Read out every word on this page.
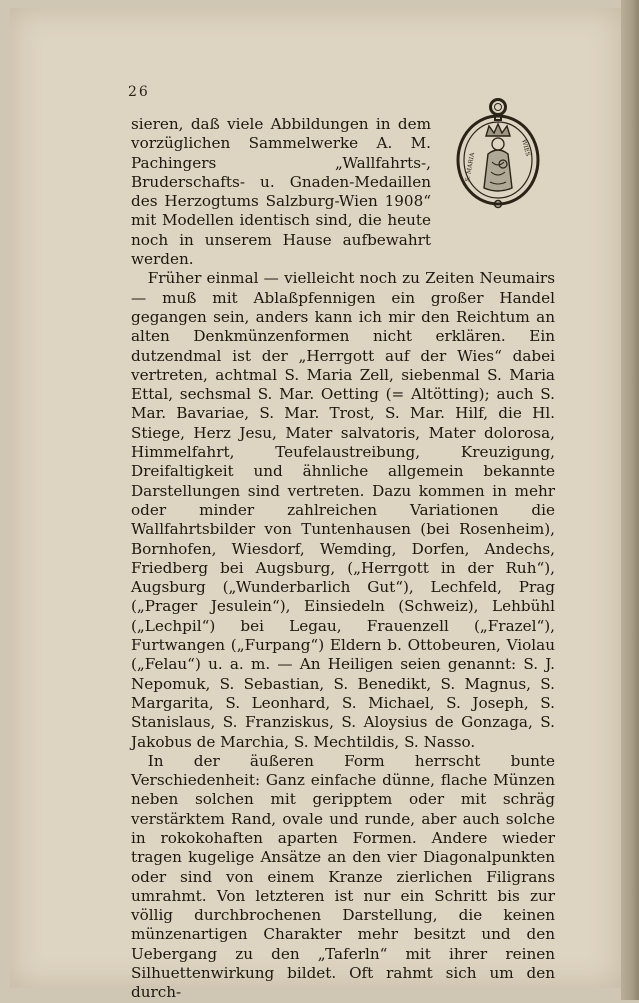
26
S. MARIA
WIES

sieren, daß viele Abbildungen in dem vorzüglichen Sammelwerke A. M. Pachingers „Wallfahrts-, Bruderschafts- u. Gnaden-Medaillen des Herzogtums Salzburg-Wien 1908“ mit Modellen identisch sind, die heute noch in unserem Hause aufbewahrt werden.

Früher einmal — vielleicht noch zu Zeiten Neumairs — muß mit Ablaßpfennigen ein großer Handel gegangen sein, anders kann ich mir den Reichtum an alten Denkmünzenformen nicht erklären. Ein dutzendmal ist der „Herrgott auf der Wies“ dabei vertreten, achtmal S. Maria Zell, siebenmal S. Maria Ettal, sechsmal S. Mar. Oetting (= Altötting); auch S. Mar. Bavariae, S. Mar. Trost, S. Mar. Hilf, die Hl. Stiege, Herz Jesu, Mater salvatoris, Mater dolorosa, Himmelfahrt, Teufelaustreibung, Kreuzigung, Dreifaltigkeit und ähnliche allgemein bekannte Darstellungen sind vertreten. Dazu kommen in mehr oder minder zahlreichen Variationen die Wallfahrtsbilder von Tuntenhausen (bei Rosenheim), Bornhofen, Wiesdorf, Wemding, Dorfen, Andechs, Friedberg bei Augsburg, („Herrgott in der Ruh“), Augsburg („Wunderbarlich Gut“), Lechfeld, Prag („Prager Jesulein“), Einsiedeln (Schweiz), Lehbühl („Lechpil“) bei Legau, Frauenzell („Frazel“), Furtwangen („Furpang“) Eldern b. Ottobeuren, Violau („Felau“) u. a. m. — An Heiligen seien genannt: S. J. Nepomuk, S. Sebastian, S. Benedikt, S. Magnus, S. Margarita, S. Leonhard, S. Michael, S. Joseph, S. Stanislaus, S. Franziskus, S. Aloysius de Gonzaga, S. Jakobus de Marchia, S. Mechtildis, S. Nasso.

In der äußeren Form herrscht bunte Verschiedenheit: Ganz einfache dünne, flache Münzen neben solchen mit geripptem oder mit schräg verstärktem Rand, ovale und runde, aber auch solche in rokokohaften aparten Formen. Andere wieder tragen kugelige Ansätze an den vier Diagonalpunkten oder sind von einem Kranze zierlichen Filigrans umrahmt. Von letzteren ist nur ein Schritt bis zur völlig durchbrochenen Darstellung, die keinen münzenartigen Charakter mehr besitzt und den Uebergang zu den „Taferln“ mit ihrer reinen Silhuettenwirkung bildet. Oft rahmt sich um den durch-
